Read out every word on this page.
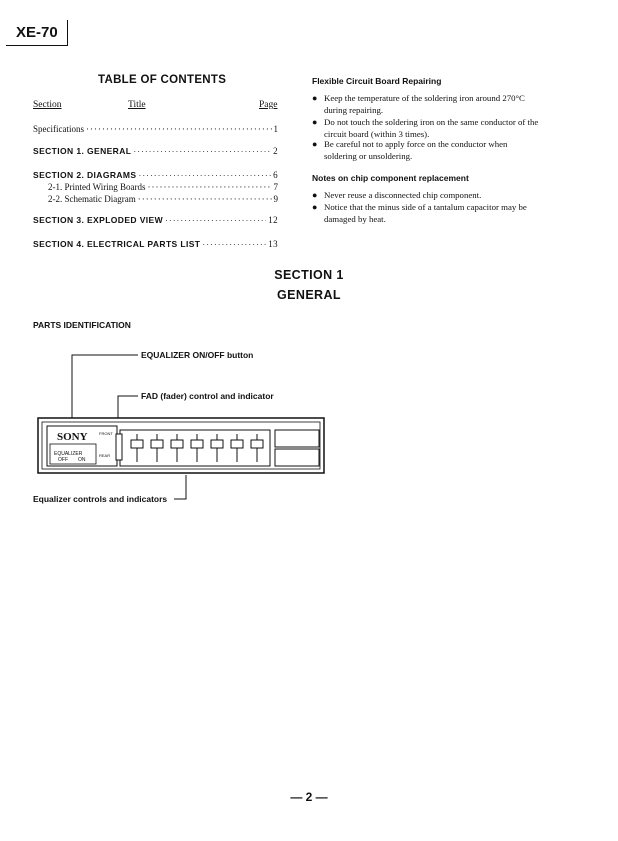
XE-70
TABLE OF CONTENTS
Section	Title	Page
Specifications ·····	1
SECTION 1. GENERAL ·····	2
SECTION 2. DIAGRAMS ·····	6
2-1. Printed Wiring Boards ·····	7
2-2. Schematic Diagram ·····	9
SECTION 3. EXPLODED VIEW ·····	12
SECTION 4. ELECTRICAL PARTS LIST ·····	13
Flexible Circuit Board Repairing
● Keep the temperature of the soldering iron around 270°C during repairing.
● Do not touch the soldering iron on the same conductor of the circuit board (within 3 times).
● Be careful not to apply force on the conductor when soldering or unsoldering.
Notes on chip component replacement
● Never reuse a disconnected chip component.
● Notice that the minus side of a tantalum capacitor may be damaged by heat.
SECTION 1
GENERAL
PARTS IDENTIFICATION
EQUALIZER ON/OFF button
FAD (fader) control and indicator
Equalizer controls and indicators
SONY
EQUALIZER
OFF ON
FRONT
REAR
— 2 —
